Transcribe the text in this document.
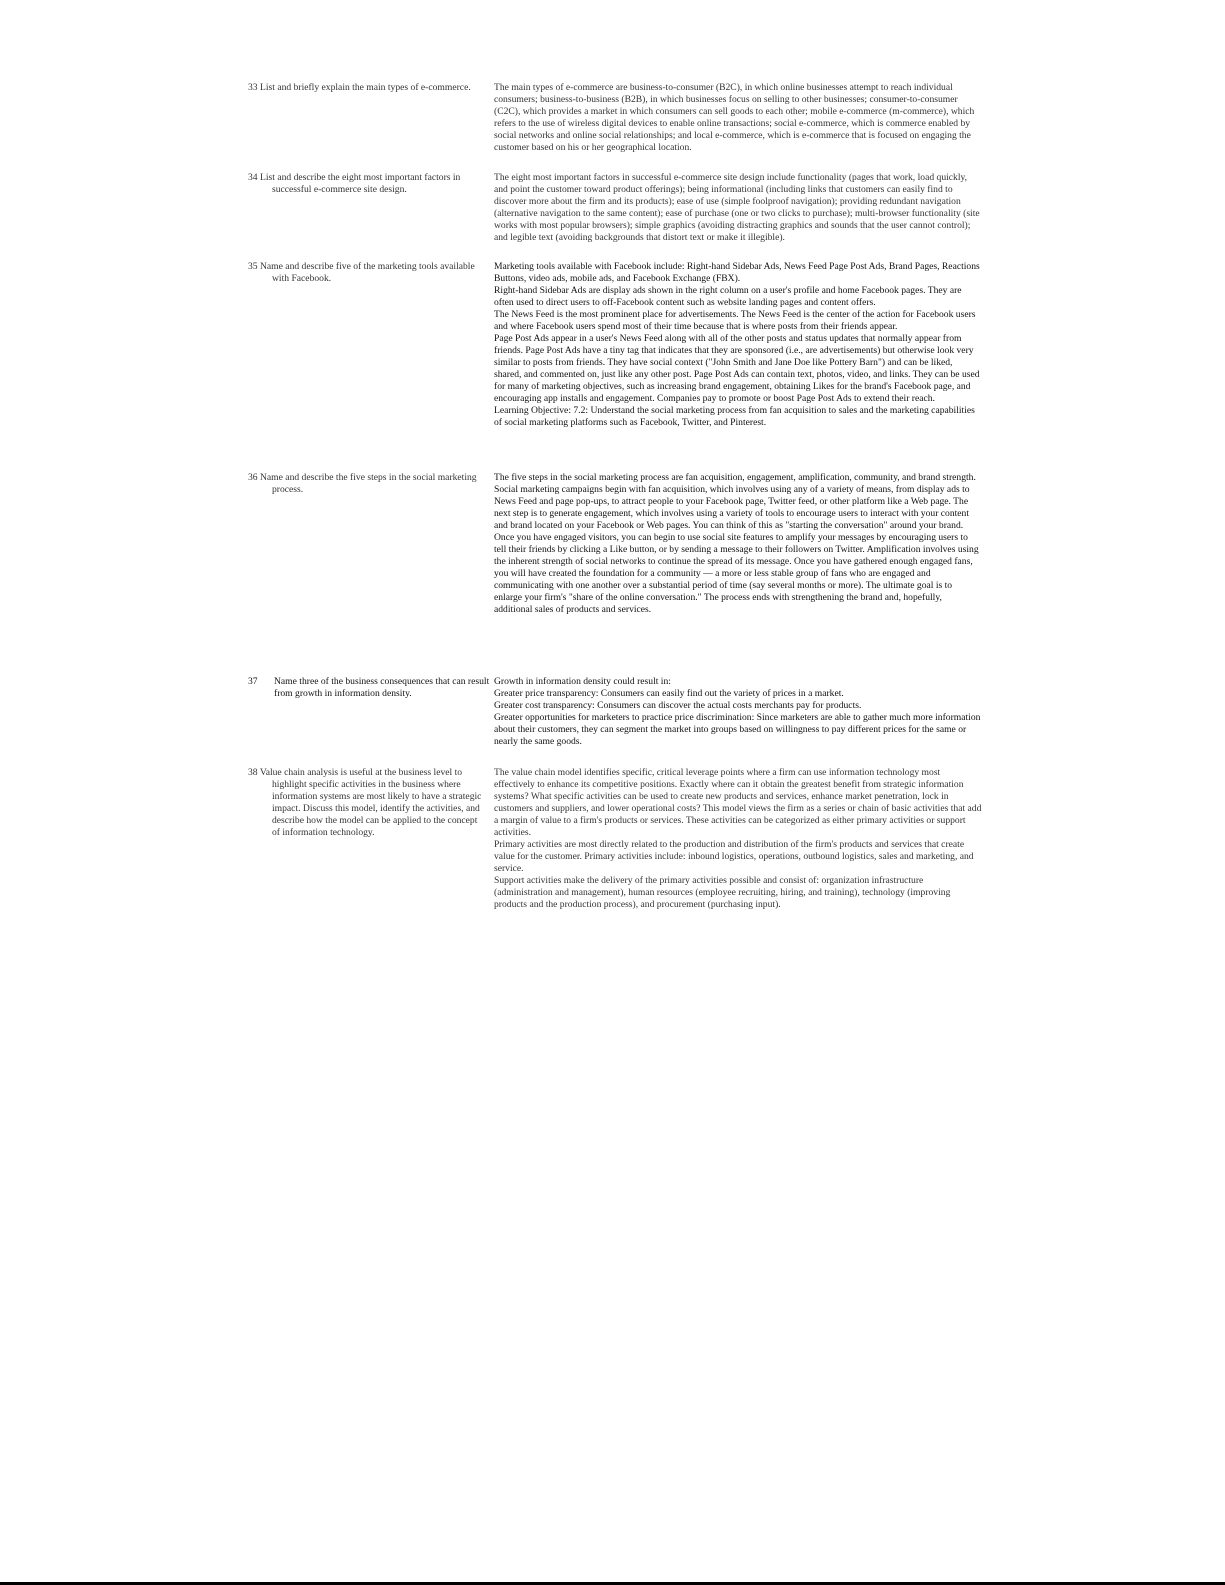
33 List and briefly explain the main types of e-commerce.	The main types of e-commerce are business-to-consumer (B2C), in which online businesses attempt to reach individual consumers; business-to-business (B2B), in which businesses focus on selling to other businesses; consumer-to-consumer (C2C), which provides a market in which consumers can sell goods to each other; mobile e-commerce (m-commerce), which refers to the use of wireless digital devices to enable online transactions; social e-commerce, which is commerce enabled by social networks and online social relationships; and local e-commerce, which is e-commerce that is focused on engaging the customer based on his or her geographical location.

34 List and describe the eight most important factors in successful e-commerce site design.

The eight most important factors in successful e-commerce site design include functionality (pages that work, load quickly, and point the customer toward product offerings); being informational (including links that customers can easily find to discover more about the firm and its products); ease of use (simple foolproof navigation); providing redundant navigation (alternative navigation to the same content); ease of purchase (one or two clicks to purchase); multi-browser functionality (site works with most popular browsers); simple graphics (avoiding distracting graphics and sounds that the user cannot control); and legible text (avoiding backgrounds that distort text or make it illegible).

35 Name and describe five of the marketing tools available with Facebook.

Marketing tools available with Facebook include: Right-hand Sidebar Ads, News Feed Page Post Ads, Brand Pages, Reactions Buttons, video ads, mobile ads, and Facebook Exchange (FBX).

Right-hand Sidebar Ads are display ads shown in the right column on a user's profile and home Facebook pages. They are often used to direct users to off-Facebook content such as website landing pages and content offers.

The News Feed is the most prominent place for advertisements. The News Feed is the center of the action for Facebook users and where Facebook users spend most of their time because that is where posts from their friends appear.

Page Post Ads appear in a user's News Feed along with all of the other posts and status updates that normally appear from friends. Page Post Ads have a tiny tag that indicates that they are sponsored (i.e., are advertisements) but otherwise look very similar to posts from friends. They have social context ("John Smith and Jane Doe like Pottery Barn") and can be liked, shared, and commented on, just like any other post. Page Post Ads can contain text, photos, video, and links. They can be used for many of marketing objectives, such as increasing brand engagement, obtaining Likes for the brand's Facebook page, and encouraging app installs and engagement. Companies pay to promote or boost Page Post Ads to extend their reach.

Learning Objective: 7.2: Understand the social marketing process from fan acquisition to sales and the marketing capabilities of social marketing platforms such as Facebook, Twitter, and Pinterest.

36 Name and describe the five steps in the social marketing process.

The five steps in the social marketing process are fan acquisition, engagement, amplification, community, and brand strength.

Social marketing campaigns begin with fan acquisition, which involves using any of a variety of means, from display ads to News Feed and page pop-ups, to attract people to your Facebook page, Twitter feed, or other platform like a Web page. The next step is to generate engagement, which involves using a variety of tools to encourage users to interact with your content and brand located on your Facebook or Web pages. You can think of this as "starting the conversation" around your brand.

Once you have engaged visitors, you can begin to use social site features to amplify your messages by encouraging users to tell their friends by clicking a Like button, or by sending a message to their followers on Twitter. Amplification involves using the inherent strength of social networks to continue the spread of its message. Once you have gathered enough engaged fans, you will have created the foundation for a community — a more or less stable group of fans who are engaged and communicating with one another over a substantial period of time (say several months or more). The ultimate goal is to enlarge your firm's "share of the online conversation." The process ends with strengthening the brand and, hopefully, additional sales of products and services.

37 Name three of the business consequences that can result from growth in information density.

Growth in information density could result in:

Greater price transparency: Consumers can easily find out the variety of prices in a market.

Greater cost transparency: Consumers can discover the actual costs merchants pay for products.

Greater opportunities for marketers to practice price discrimination: Since marketers are able to gather much more information about their customers, they can segment the market into groups based on willingness to pay different prices for the same or nearly the same goods.

38 Value chain analysis is useful at the business level to highlight specific activities in the business where information systems are most likely to have a strategic impact. Discuss this model, identify the activities, and describe how the model can be applied to the concept of information technology.

The value chain model identifies specific, critical leverage points where a firm can use information technology most effectively to enhance its competitive positions. Exactly where can it obtain the greatest benefit from strategic information systems? What specific activities can be used to create new products and services, enhance market penetration, lock in customers and suppliers, and lower operational costs? This model views the firm as a series or chain of basic activities that add a margin of value to a firm's products or services. These activities can be categorized as either primary activities or support activities.

Primary activities are most directly related to the production and distribution of the firm's products and services that create value for the customer. Primary activities include: inbound logistics, operations, outbound logistics, sales and marketing, and service.

Support activities make the delivery of the primary activities possible and consist of: organization infrastructure (administration and management), human resources (employee recruiting, hiring, and training), technology (improving products and the production process), and procurement (purchasing input).
